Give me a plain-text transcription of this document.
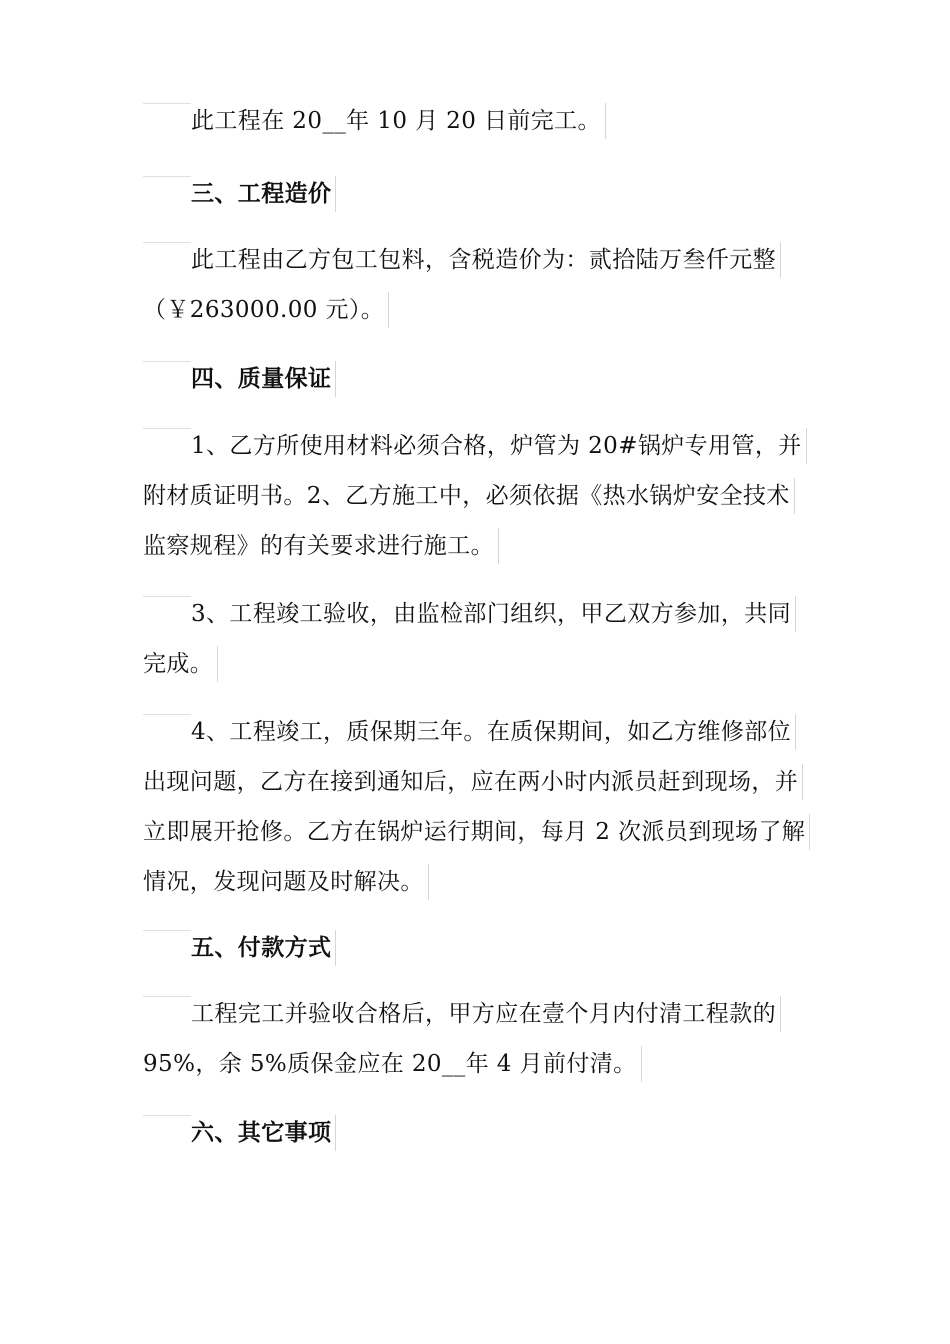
此工程在 20__年 10 月 20 日前完工。
三、工程造价
此工程由乙方包工包料，含税造价为：贰拾陆万叁仟元整
（￥263000.00 元）。
四、质量保证
1、乙方所使用材料必须合格，炉管为 20#锅炉专用管，并
附材质证明书。2、乙方施工中，必须依据《热水锅炉安全技术
监察规程》的有关要求进行施工。
3、工程竣工验收，由监检部门组织，甲乙双方参加，共同
完成。
4、工程竣工，质保期三年。在质保期间，如乙方维修部位
出现问题，乙方在接到通知后，应在两小时内派员赶到现场，并
立即展开抢修。乙方在锅炉运行期间，每月 2 次派员到现场了解
情况，发现问题及时解决。
五、付款方式
工程完工并验收合格后，甲方应在壹个月内付清工程款的
95%，余 5%质保金应在 20__年 4 月前付清。
六、其它事项
